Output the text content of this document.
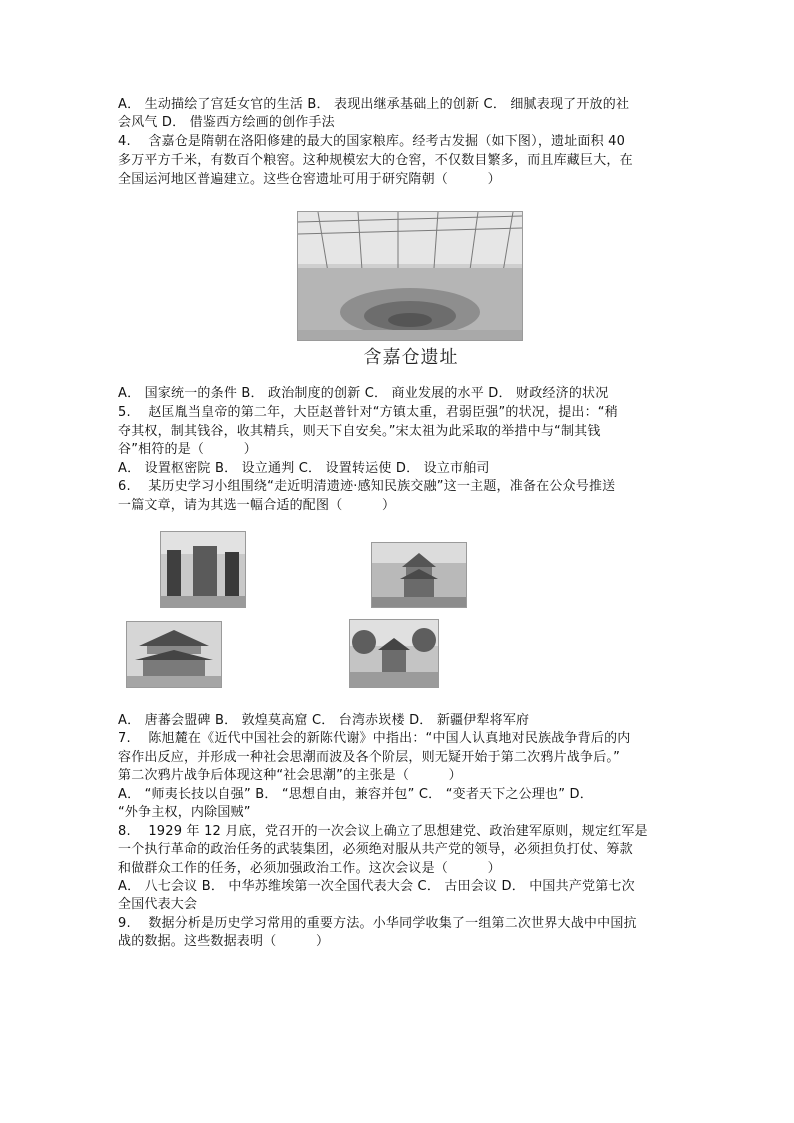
A． 生动描绘了宫廷女官的生活 B． 表现出继承基础上的创新 C． 细腻表现了开放的社
会风气 D． 借鉴西方绘画的创作手法
4.　 含嘉仓是隋朝在洛阳修建的最大的国家粮库。经考古发掘（如下图），遗址面积 40
多万平方千米，有数百个粮窖。这种规模宏大的仓窖，不仅数目繁多，而且库藏巨大，在
全国运河地区普遍建立。这些仓窖遗址可用于研究隋朝（　　　）
含嘉仓遗址
A． 国家统一的条件 B． 政治制度的创新 C． 商业发展的水平 D． 财政经济的状况
5.　 赵匡胤当皇帝的第二年，大臣赵普针对“方镇太重，君弱臣强”的状况，提出：“稍
夺其权，制其钱谷，收其精兵，则天下自安矣。”宋太祖为此采取的举措中与“制其钱
谷”相符的是（　　　）
A． 设置枢密院 B． 设立通判 C． 设置转运使 D． 设立市舶司
6.　 某历史学习小组围绕“走近明清遗迹·感知民族交融”这一主题，准备在公众号推送
一篇文章，请为其选一幅合适的配图（　　　）
A． 唐蕃会盟碑 B． 敦煌莫高窟 C． 台湾赤崁楼 D． 新疆伊犁将军府
7.　 陈旭麓在《近代中国社会的新陈代谢》中指出：“中国人认真地对民族战争背后的内
容作出反应，并形成一种社会思潮而波及各个阶层，则无疑开始于第二次鸦片战争后。”
第二次鸦片战争后体现这种“社会思潮”的主张是（　　　）
A． “师夷长技以自强” B． “思想自由，兼容并包” C． “变者天下之公理也” D．
“外争主权，内除国贼”
8.　 1929 年 12 月底，党召开的一次会议上确立了思想建党、政治建军原则，规定红军是
一个执行革命的政治任务的武装集团，必须绝对服从共产党的领导，必须担负打仗、筹款
和做群众工作的任务，必须加强政治工作。这次会议是（　　　）
A． 八七会议 B． 中华苏维埃第一次全国代表大会 C． 古田会议 D． 中国共产党第七次
全国代表大会
9.　 数据分析是历史学习常用的重要方法。小华同学收集了一组第二次世界大战中中国抗
战的数据。这些数据表明（　　　）
